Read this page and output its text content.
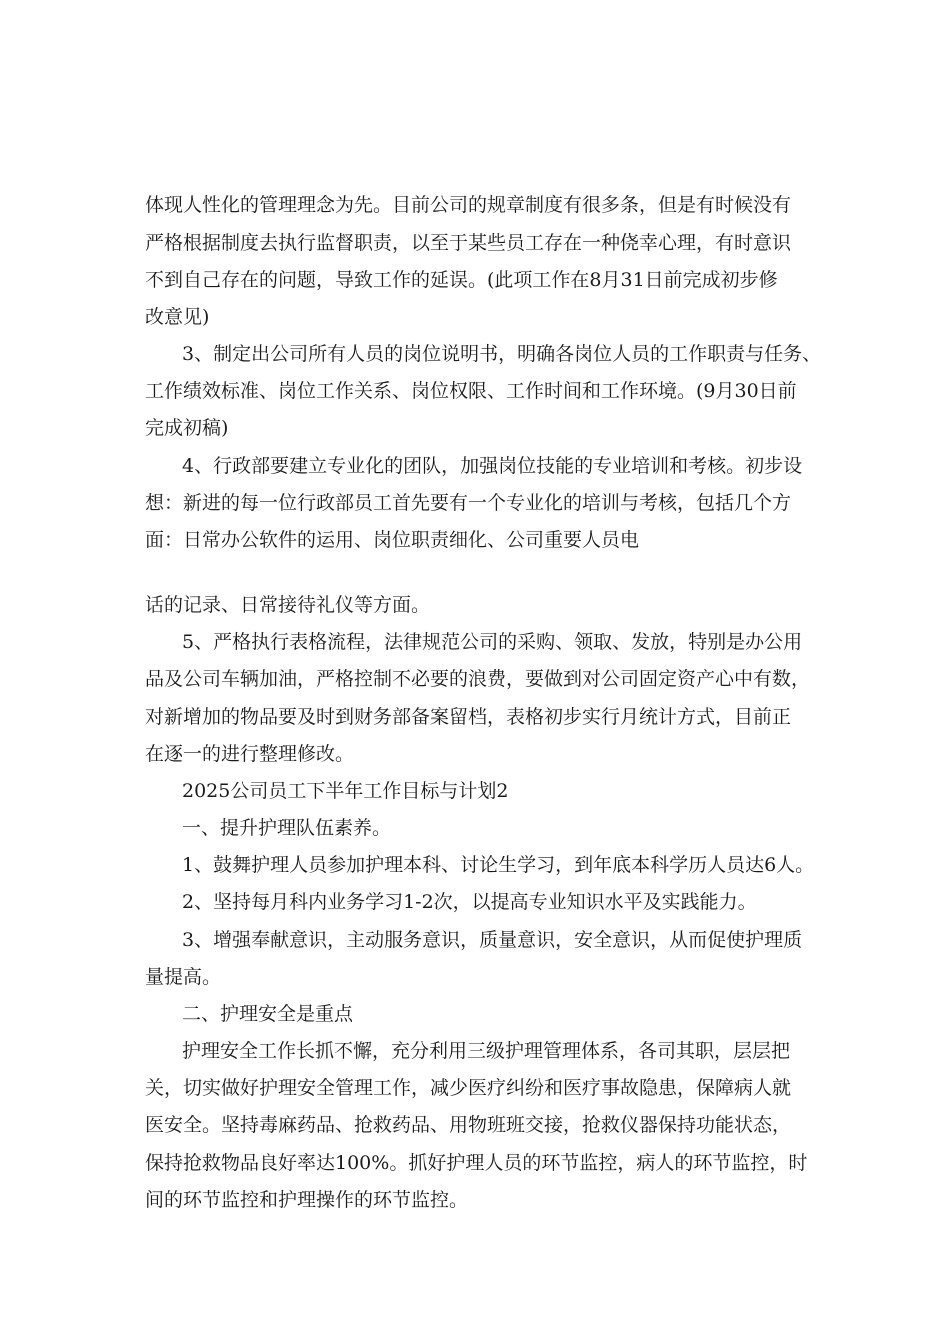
体现人性化的管理理念为先。目前公司的规章制度有很多条，但是有时候没有

严格根据制度去执行监督职责，以至于某些员工存在一种侥幸心理，有时意识

不到自己存在的问题，导致工作的延误。(此项工作在8月31日前完成初步修

改意见)

3、制定出公司所有人员的岗位说明书，明确各岗位人员的工作职责与任务、

工作绩效标准、岗位工作关系、岗位权限、工作时间和工作环境。(9月30日前

完成初稿)

4、行政部要建立专业化的团队，加强岗位技能的专业培训和考核。初步设

想：新进的每一位行政部员工首先要有一个专业化的培训与考核，包括几个方

面：日常办公软件的运用、岗位职责细化、公司重要人员电

话的记录、日常接待礼仪等方面。

5、严格执行表格流程，法律规范公司的采购、领取、发放，特别是办公用

品及公司车辆加油，严格控制不必要的浪费，要做到对公司固定资产心中有数，

对新增加的物品要及时到财务部备案留档，表格初步实行月统计方式，目前正

在逐一的进行整理修改。

2025公司员工下半年工作目标与计划2

一、提升护理队伍素养。

1、鼓舞护理人员参加护理本科、讨论生学习，到年底本科学历人员达6人。

2、坚持每月科内业务学习1-2次，以提高专业知识水平及实践能力。

3、增强奉献意识，主动服务意识，质量意识，安全意识，从而促使护理质

量提高。

二、护理安全是重点

护理安全工作长抓不懈，充分利用三级护理管理体系，各司其职，层层把

关，切实做好护理安全管理工作，减少医疗纠纷和医疗事故隐患，保障病人就

医安全。坚持毒麻药品、抢救药品、用物班班交接，抢救仪器保持功能状态，

保持抢救物品良好率达100%。抓好护理人员的环节监控，病人的环节监控，时

间的环节监控和护理操作的环节监控。
